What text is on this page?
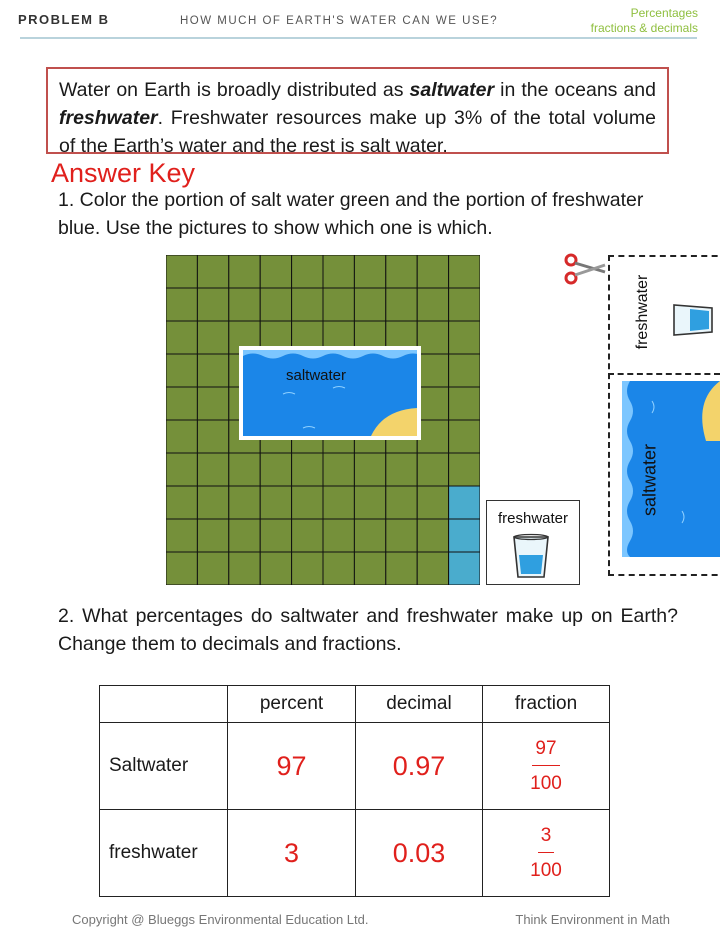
PROBLEM B	HOW MUCH OF EARTH'S WATER CAN WE USE?
Percentages
fractions & decimals
Water on Earth is broadly distributed as saltwater in the oceans and freshwater. Freshwater resources make up 3% of the total volume of the Earth’s water and the rest is salt water.
Answer Key
1. Color the portion of salt water green and the portion of freshwater blue. Use the pictures to show which one is which.
saltwater
freshwater
freshwater
saltwater
2. What percentages do saltwater and freshwater make up on Earth? Change them to decimals and fractions.
	percent	decimal	fraction
Saltwater	97	0.97	97
100

freshwater	3	0.03	3
100
Copyright @ Blueggs Environmental Education Ltd.	Think Environment in Math
